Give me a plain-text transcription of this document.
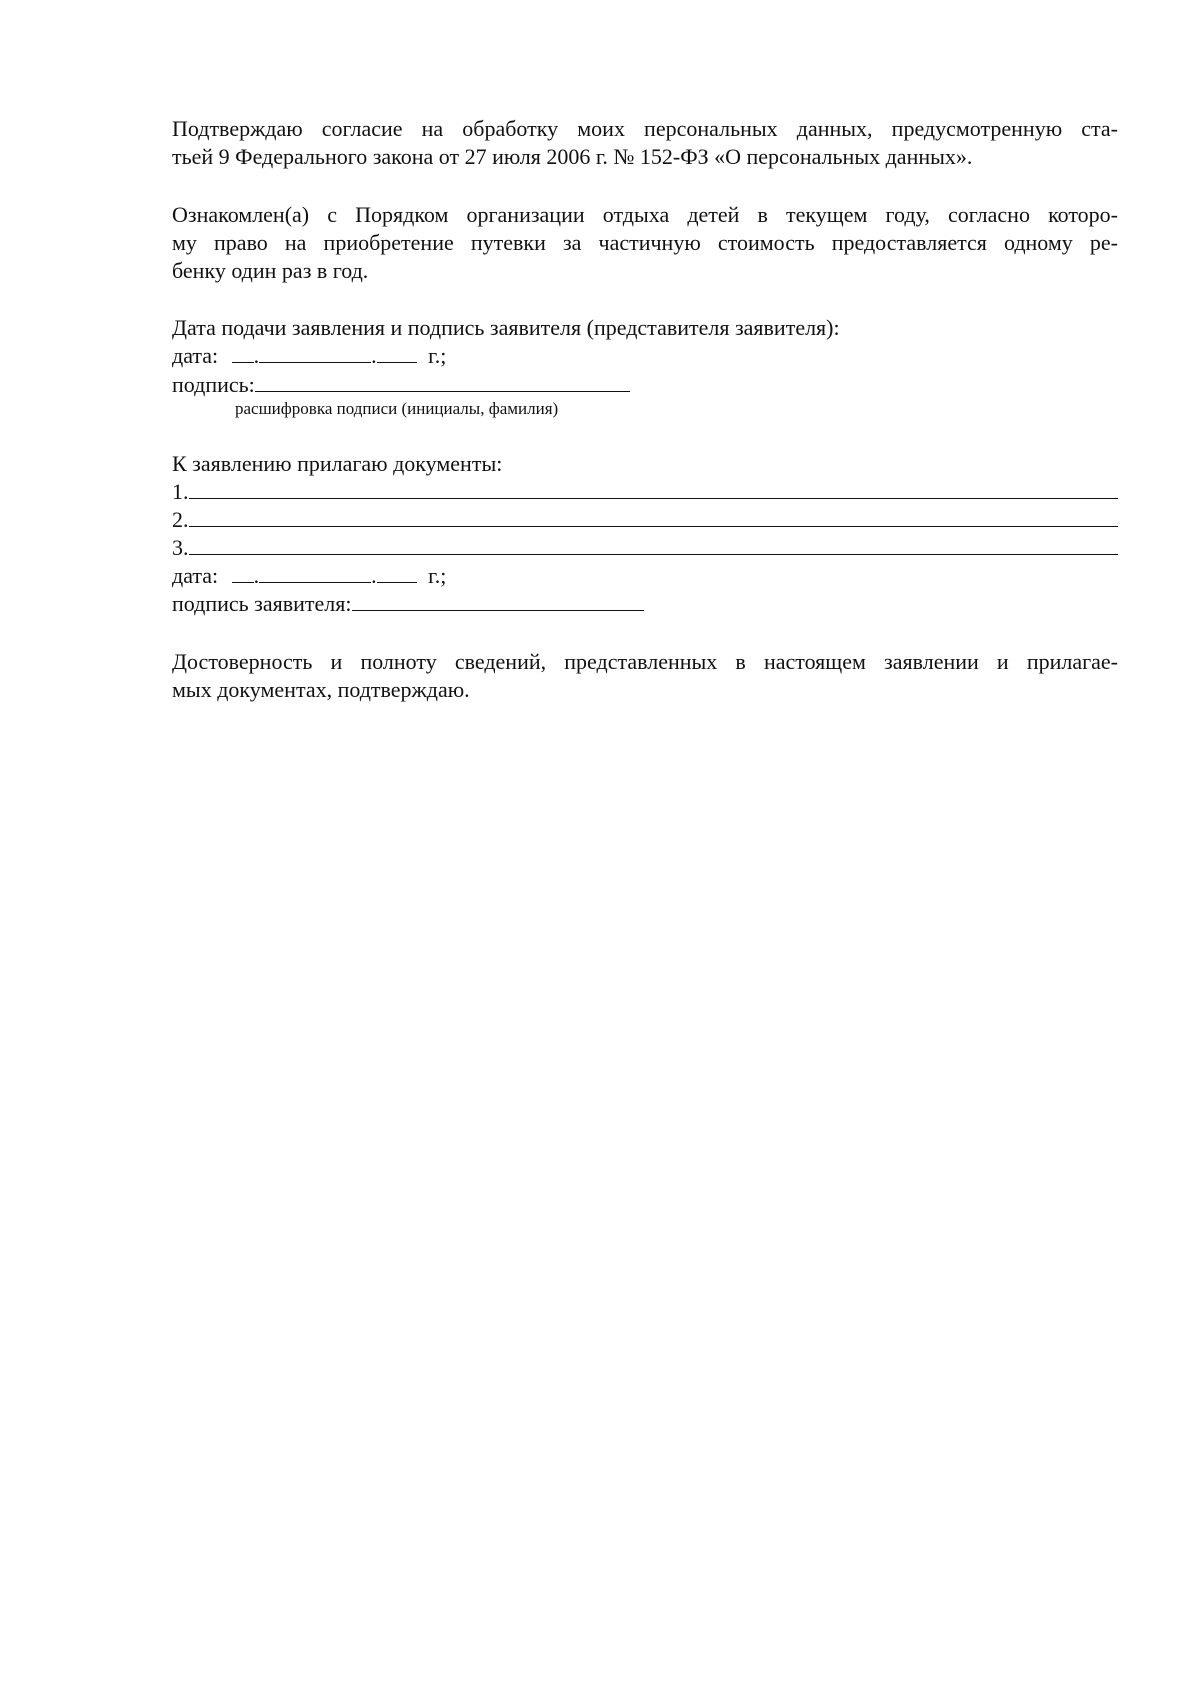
Подтверждаю согласие на обработку моих персональных данных, предусмотренную ста-
тьей 9 Федерального закона от 27 июля 2006 г. № 152-ФЗ «О персональных данных».
Ознакомлен(а) с Порядком организации отдыха детей в текущем году, согласно которо-
му право на приобретение путевки за частичную стоимость предоставляется одному ре-
бенку один раз в год.
Дата подачи заявления и подпись заявителя (представителя заявителя):
дата: .	. г.;
подпись:
расшифровка подписи (инициалы, фамилия)
К заявлению прилагаю документы:
1.
2.
3.
дата: .	. г.;
подпись заявителя:
Достоверность и полноту сведений, представленных в настоящем заявлении и прилагае-
мых документах, подтверждаю.
